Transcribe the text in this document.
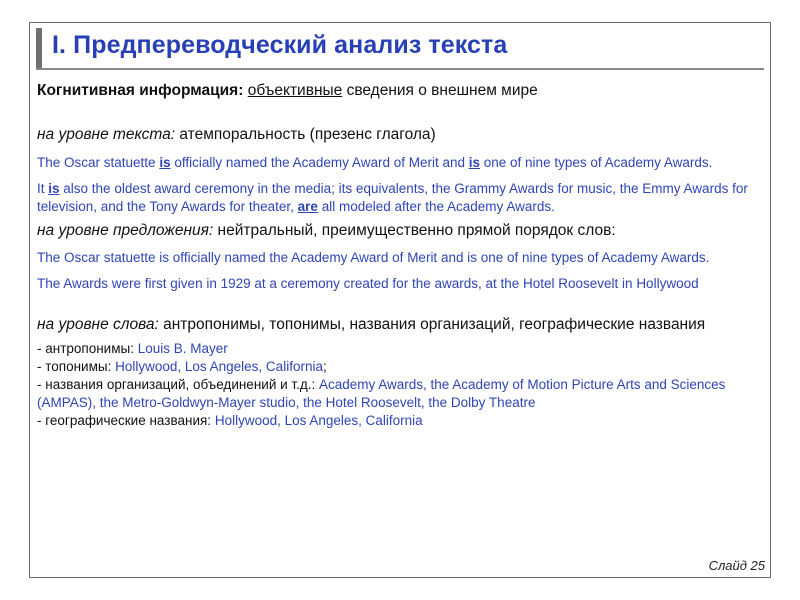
I. Предпереводческий анализ текста

Когнитивная информация: объективные сведения о внешнем мире

на уровне текста: атемпоральность (презенс глагола)

The Oscar statuette is officially named the Academy Award of Merit and is one of nine types of Academy Awards.

It is also the oldest award ceremony in the media; its equivalents, the Grammy Awards for music, the Emmy Awards for television, and the Tony Awards for theater, are all modeled after the Academy Awards.

на уровне предложения: нейтральный, преимущественно прямой порядок слов:

The Oscar statuette is officially named the Academy Award of Merit and is one of nine types of Academy Awards.

The Awards were first given in 1929 at a ceremony created for the awards, at the Hotel Roosevelt in Hollywood

на уровне слова: антропонимы, топонимы, названия организаций, географические названия

- антропонимы: Louis B. Mayer
- топонимы: Hollywood, Los Angeles, California;
- названия организаций, объединений и т.д.: Academy Awards, the Academy of Motion Picture Arts and Sciences (AMPAS), the Metro-Goldwyn-Mayer studio, the Hotel Roosevelt, the Dolby Theatre
- географические названия: Hollywood, Los Angeles, California
Слайд 25
